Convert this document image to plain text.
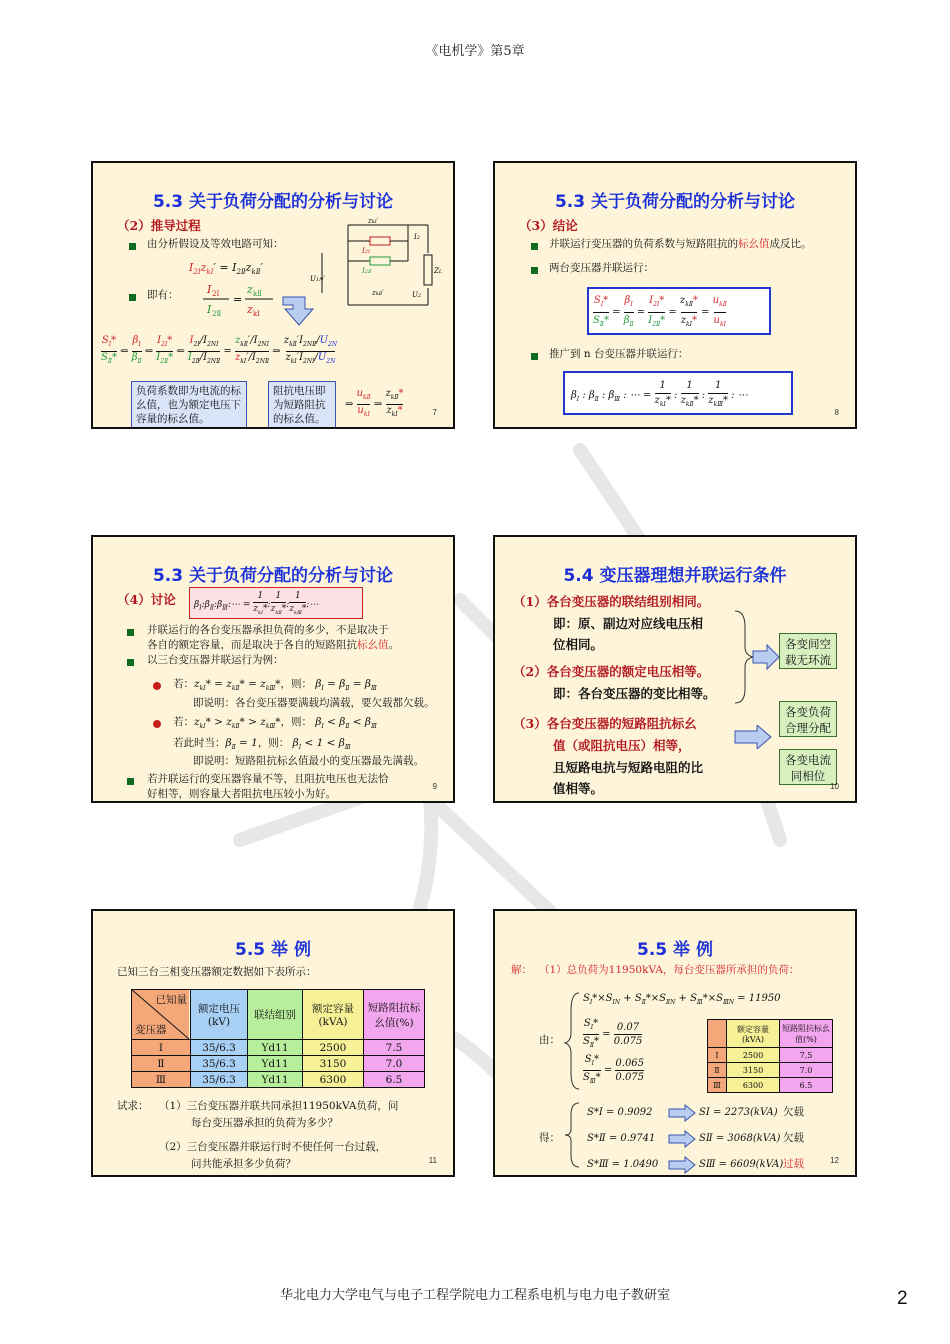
《电机学》第5章
5.3 关于负荷分配的分析与讨论
（2）推导过程
由分析假设及等效电路可知：
$I_{2Ⅰ}z_{kⅠ}' = I_{2Ⅱ}z_{kⅡ}'$
即有：	I 2Ⅰ
I 2Ⅱ
=
z kⅡ
z kⅠ
zkⅠ′
I2Ⅰ
I2Ⅱ
zkⅡ′
U1N′
U2
ZL
I2
$S_Ⅰ*$
$S_Ⅱ*$ ⇐ $\beta_Ⅰ$
$\beta_Ⅱ$ ⇐ $I_{2Ⅰ}*$
$I_{2Ⅱ}*$ ⇐ $I_{2Ⅰ}/I_{2NⅠ}$
$I_{2Ⅱ}/I_{2NⅡ} = z_{kⅡ}'/I_{2NⅠ}$
$z_{kⅠ}'/I_{2NⅡ}$ ⇒ $z_{kⅡ}'I_{2NⅡ}/U_{2N}$
$z_{kⅠ}'I_{2NⅠ}/U_{2N}$
负荷系数即为电流的标幺值，也为额定电压下容量的标幺值。
阻抗电压即为短路阻抗的标幺值。
⇒ $u_{kⅡ}$
$u_{kⅠ}$ ⇒ $z_{kⅡ}*$
$z_{kⅠ}*$	7
5.3 关于负荷分配的分析与讨论
（3）结论
并联运行变压器的负荷系数与短路阻抗的标幺值成反比。
两台变压器并联运行：
$S_Ⅰ*$
$S_Ⅱ* = \beta_Ⅰ$
$\beta_Ⅱ = I_{2Ⅰ}*$
$I_{2Ⅱ}* = z_{kⅡ}*$
$z_{kⅠ}* = u_{kⅡ}$
$u_{kⅠ}$
推广到 n 台变压器并联运行：
$\beta_Ⅰ$ : $\beta_Ⅱ$ : $\beta_Ⅲ$ : ⋯ = 1
$z_{kⅠ}*$ : 1
$z_{kⅡ}*$ : 1
$z_{kⅢ}*$ : ⋯
8
5.3 关于负荷分配的分析与讨论
（4）讨论 $\beta_Ⅰ:\beta_Ⅱ:\beta_Ⅲ:\cdots = 1$
$z_{kⅠ}*:1$
$z_{kⅡ}*:1$
$z_{kⅢ}*:\cdots$
并联运行的各台变压器承担负荷的多少，不是取决于
各自的额定容量，而是取决于各自的短路阻抗标幺值。
以三台变压器并联运行为例：
若：$z_{kⅠ}* = z_{kⅡ}* = z_{kⅢ}*$，则： $\beta_Ⅰ = \beta_Ⅱ = \beta_Ⅲ$
即说明：各台变压器要满载均满载，要欠载都欠载。
若：$z_{kⅠ}* > z_{kⅡ}* > z_{kⅢ}*$，则： $\beta_Ⅰ < \beta_Ⅱ < \beta_Ⅲ$
若此时当：$\beta_Ⅱ = 1$，则： $\beta_Ⅰ < 1 < \beta_Ⅲ$
即说明：短路阻抗标幺值最小的变压器最先满载。
若并联运行的变压器容量不等，且阻抗电压也无法恰
好相等，则容量大者阻抗电压较小为好。
9
5.4 变压器理想并联运行条件
（1）各台变压器的联结组别相同。
即：原、副边对应线电压相
位相同。
（2）各台变压器的额定电压相等。
即：各台变压器的变比相等。
（3）各台变压器的短路阻抗标幺
值（或阻抗电压）相等，
且短路电抗与短路电阻的比
值相等。
各变间空载无环流
各变负荷合理分配
各变电流同相位
10
5.5 举 例
已知三台三相变压器额定数据如下表所示：
已知量
变压器	额定电压(kV)	联结组别	额定容量(kVA)	短路阻抗标幺值(%)
Ⅰ	35/6.3	Yd11	2500	7.5
Ⅱ	35/6.3	Yd11	3150	7.0
Ⅲ	35/6.3	Yd11	6300	6.5
试求： （1）三台变压器并联共同承担11950kVA负荷，问
每台变压器承担的负荷为多少？
（2）三台变压器并联运行时不使任何一台过载，
问共能承担多少负荷？	11
5.5 举 例
解： （1）总负荷为11950kVA，每台变压器所承担的负荷：
$S_Ⅰ*\times S_{ⅠN} + S_Ⅱ*\times S_{ⅡN} + S_Ⅲ*\times S_{ⅢN} = 11950$
由：
$S_Ⅰ*$
$S_Ⅱ* = 0.07$
0.075
$S_Ⅰ*$
$S_Ⅲ* = 0.065$
0.075
	额定容量(kVA)	短路阻抗标幺值(%)
Ⅰ	2500	7.5
Ⅱ	3150	7.0
Ⅲ	6300	6.5
得：
S*Ⅰ = 0.9092	SⅠ = 2273(kVA) 欠载
S*Ⅱ = 0.9741	SⅡ = 3068(kVA) 欠载
S*Ⅲ = 1.0490	SⅢ = 6609(kVA) 过载	12
华北电力大学电气与电子工程学院电力工程系电机与电力电子教研室	2
